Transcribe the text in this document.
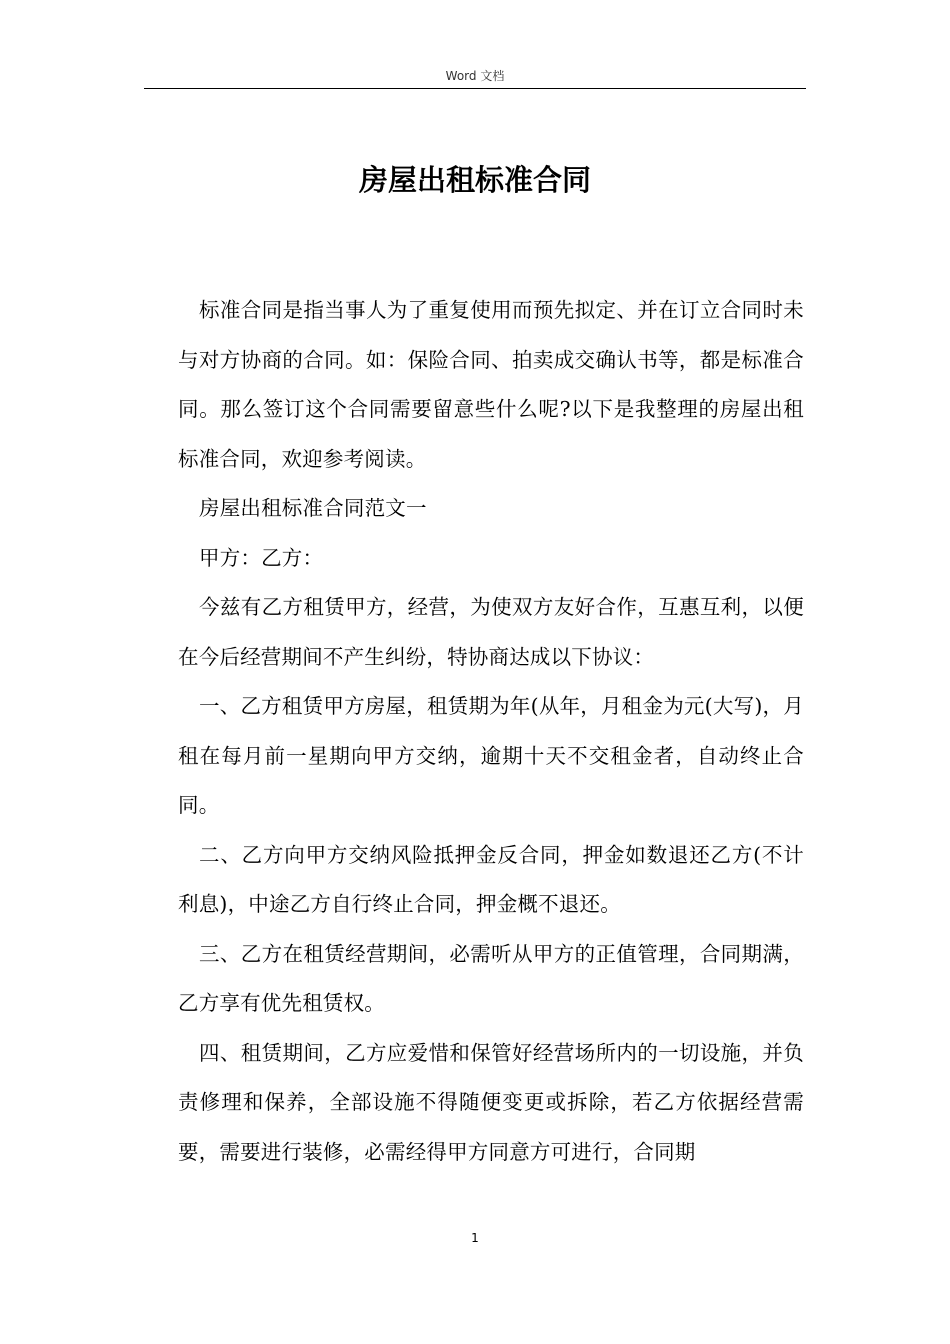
Word 文档
房屋出租标准合同

标准合同是指当事人为了重复使用而预先拟定、并在订立合同时未与对方协商的合同。如：保险合同、拍卖成交确认书等，都是标准合同。那么签订这个合同需要留意些什么呢?以下是我整理的房屋出租标准合同，欢迎参考阅读。

房屋出租标准合同范文一

甲方：乙方：

今兹有乙方租赁甲方，经营，为使双方友好合作，互惠互利，以便在今后经营期间不产生纠纷，特协商达成以下协议：

一、乙方租赁甲方房屋，租赁期为年(从年，月租金为元(大写)，月租在每月前一星期向甲方交纳，逾期十天不交租金者，自动终止合同。

二、乙方向甲方交纳风险抵押金反合同，押金如数退还乙方(不计利息)，中途乙方自行终止合同，押金概不退还。

三、乙方在租赁经营期间，必需听从甲方的正值管理，合同期满，乙方享有优先租赁权。

四、租赁期间，乙方应爱惜和保管好经营场所内的一切设施，并负责修理和保养，全部设施不得随便变更或拆除，若乙方依据经营需要，需要进行装修，必需经得甲方同意方可进行，合同期

1
